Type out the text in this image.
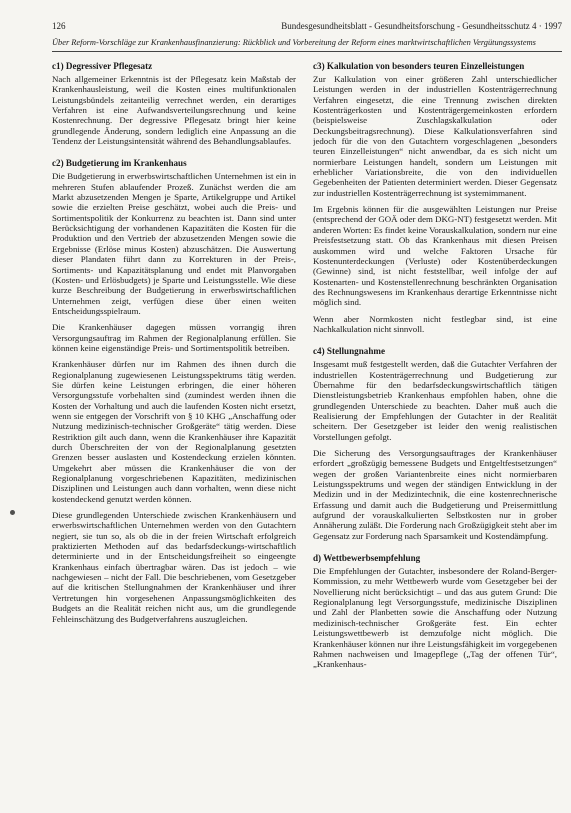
126	Bundesgesundheitsblatt - Gesundheitsforschung - Gesundheitsschutz 4 · 1997
Über Reform-Vorschläge zur Krankenhausfinanzierung: Rückblick und Vorbereitung der Reform eines marktwirtschaftlichen Vergütungssystems
c1) Degressiver Pflegesatz

Nach allgemeiner Erkenntnis ist der Pflegesatz kein Maßstab der Krankenhausleistung, weil die Kosten eines multifunktionalen Leistungsbündels zeitanteilig verrechnet werden, ein derartiges Verfahren ist eine Aufwandsverteilungsrechnung und keine Kostenrechnung. Der degressive Pflegesatz bringt hier keine grundlegende Änderung, sondern lediglich eine Anpassung an die Tendenz der Leistungsintensität während des Behandlungsablaufes.

c2) Budgetierung im Krankenhaus

Die Budgetierung in erwerbswirtschaftlichen Unternehmen ist ein in mehreren Stufen ablaufender Prozeß. Zunächst werden die am Markt abzusetzenden Mengen je Sparte, Artikelgruppe und Artikel sowie die erzielten Preise geschätzt, wobei auch die Preis- und Sortimentspolitik der Konkurrenz zu beachten ist. Dann sind unter Berücksichtigung der vorhandenen Kapazitäten die Kosten für die Produktion und den Vertrieb der abzusetzenden Mengen sowie die Ergebnisse (Erlöse minus Kosten) abzuschätzen. Die Auswertung dieser Plandaten führt dann zu Korrekturen in der Preis-, Sortiments- und Kapazitätsplanung und endet mit Planvorgaben (Kosten- und Erlösbudgets) je Sparte und Leistungsstelle. Wie diese kurze Beschreibung der Budgetierung in erwerbswirtschaftlichen Unternehmen zeigt, verfügen diese über einen weiten Entscheidungsspielraum.

Die Krankenhäuser dagegen müssen vorrangig ihren Versorgungsauftrag im Rahmen der Regionalplanung erfüllen. Sie können keine eigenständige Preis- und Sortimentspolitik betreiben.

Krankenhäuser dürfen nur im Rahmen des ihnen durch die Regionalplanung zugewiesenen Leistungsspektrums tätig werden. Sie dürfen keine Leistungen erbringen, die einer höheren Versorgungsstufe vorbehalten sind (zumindest werden ihnen die Kosten der Vorhaltung und auch die laufenden Kosten nicht ersetzt, wenn sie entgegen der Vorschrift von § 10 KHG „Anschaffung oder Nutzung medizinisch-technischer Großgeräte“ tätig werden. Diese Restriktion gilt auch dann, wenn die Krankenhäuser ihre Kapazität durch Überschreiten der von der Regionalplanung gesetzten Grenzen besser auslasten und Kostendeckung erzielen könnten. Umgekehrt aber müssen die Krankenhäuser die von der Regionalplanung vorgeschriebenen Kapazitäten, medizinischen Disziplinen und Leistungen auch dann vorhalten, wenn diese nicht kostendeckend genutzt werden können.

Diese grundlegenden Unterschiede zwischen Krankenhäusern und erwerbswirtschaftlichen Unternehmen werden von den Gutachtern negiert, sie tun so, als ob die in der freien Wirtschaft erfolgreich praktizierten Methoden auf das bedarfsdeckungs-wirtschaftlich determinierte und in der Entscheidungsfreiheit so eingeengte Krankenhaus einfach übertragbar wären. Das ist jedoch – wie nachgewiesen – nicht der Fall. Die beschriebenen, vom Gesetzgeber auf die kritischen Stellungnahmen der Krankenhäuser und ihrer Vertretungen hin vorgesehenen Anpassungsmöglichkeiten des Budgets an die Realität reichen nicht aus, um die grundlegende Fehleinschätzung des Budgetverfahrens auszugleichen.

c3) Kalkulation von besonders teuren Einzelleistungen

Zur Kalkulation von einer größeren Zahl unterschiedlicher Leistungen werden in der industriellen Kostenträgerrechnung Verfahren eingesetzt, die eine Trennung zwischen direkten Kostenträgerkosten und Kostenträgergemeinkosten erfordern (beispielsweise Zuschlagskalkulation oder Deckungsbeitragsrechnung). Diese Kalkulationsverfahren sind jedoch für die von den Gutachtern vorgeschlagenen „besonders teuren Einzelleistungen“ nicht anwendbar, da es sich nicht um normierbare Leistungen handelt, sondern um Leistungen mit erheblicher Variationsbreite, die von den individuellen Gegebenheiten der Patienten determiniert werden. Dieser Gegensatz zur industriellen Kostenträgerrechnung ist systemimmanent.

Im Ergebnis können für die ausgewählten Leistungen nur Preise (entsprechend der GOÄ oder dem DKG-NT) festgesetzt werden. Mit anderen Worten: Es findet keine Vorauskalkulation, sondern nur eine Preisfestsetzung statt. Ob das Krankenhaus mit diesen Preisen auskommen wird und welche Faktoren Ursache für Kostenunterdeckungen (Verluste) oder Kostenüberdeckungen (Gewinne) sind, ist nicht feststellbar, weil infolge der auf Kostenarten- und Kostenstellenrechnung beschränkten Organisation des Rechnungswesens im Krankenhaus derartige Erkenntnisse nicht möglich sind.

Wenn aber Normkosten nicht festlegbar sind, ist eine Nachkalkulation nicht sinnvoll.

c4) Stellungnahme

Insgesamt muß festgestellt werden, daß die Gutachter Verfahren der industriellen Kostenträgerrechnung und Budgetierung zur Übernahme für den bedarfsdeckungswirtschaftlich tätigen Dienstleistungsbetrieb Krankenhaus empfohlen haben, ohne die grundlegenden Unterschiede zu beachten. Daher muß auch die Realisierung der Empfehlungen der Gutachter in der Realität scheitern. Der Gesetzgeber ist leider den wenig realistischen Vorstellungen gefolgt.

Die Sicherung des Versorgungsauftrages der Krankenhäuser erfordert „großzügig bemessene Budgets und Entgeltfestsetzungen“ wegen der großen Variantenbreite eines nicht normierbaren Leistungsspektrums und wegen der ständigen Entwicklung in der Medizin und in der Medizintechnik, die eine kostenrechnerische Erfassung und damit auch die Budgetierung und Preisermittlung aufgrund der vorauskalkulierten Selbstkosten nur in grober Annäherung zuläßt. Die Forderung nach Großzügigkeit steht aber im Gegensatz zur Forderung nach Sparsamkeit und Kostendämpfung.

d) Wettbewerbsempfehlung

Die Empfehlungen der Gutachter, insbesondere der Roland-Berger-Kommission, zu mehr Wettbewerb wurde vom Gesetzgeber bei der Novellierung nicht berücksichtigt – und das aus gutem Grund: Die Regionalplanung legt Versorgungsstufe, medizinische Disziplinen und Zahl der Planbetten sowie die Anschaffung oder Nutzung medizinisch-technischer Großgeräte fest. Ein echter Leistungswettbewerb ist demzufolge nicht möglich. Die Krankenhäuser können nur ihre Leistungsfähigkeit im vorgegebenen Rahmen nachweisen und Imagepflege („Tag der offenen Tür“, „Krankenhaus-
